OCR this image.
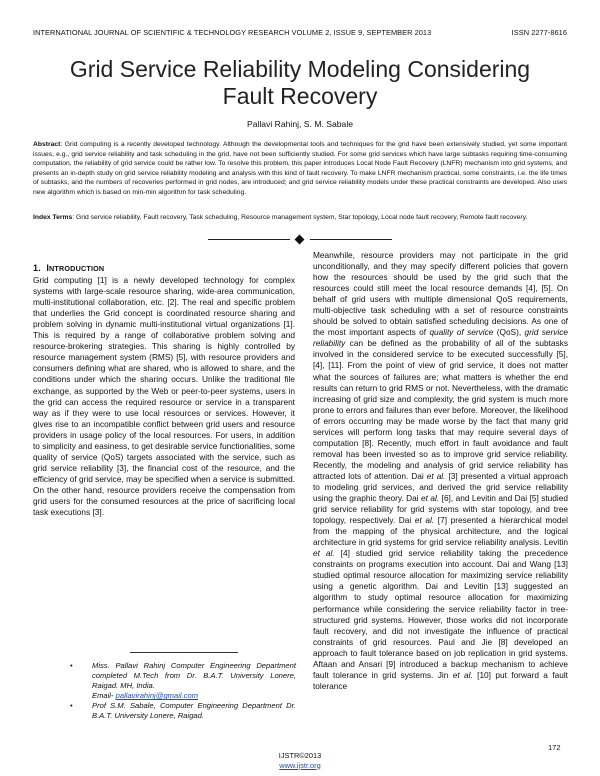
INTERNATIONAL JOURNAL OF SCIENTIFIC & TECHNOLOGY RESEARCH VOLUME 2, ISSUE 9, SEPTEMBER 2013	ISSN 2277-8616
Grid Service Reliability Modeling Considering
Fault Recovery
Pallavi Rahinj, S. M. Sabale
Abstract: Grid computing is a recently developed technology. Although the developmental tools and techniques for the grid have been extensively studied, yet some important issues, e.g., grid service reliability and task scheduling in the grid, have not been sufficiently studied. For some grid services which have large subtasks requiring time-consuming computation, the reliability of grid service could be rather low. To resolve this problem, this paper introduces Local Node Fault Recovery (LNFR) mechanism into grid systems, and presents an in-depth study on grid service reliability modeling and analysis with this kind of fault recovery. To make LNFR mechanism practical, some constraints, i.e. the life times of subtasks, and the numbers of recoveries performed in grid nodes, are introduced; and grid service reliability models under these practical constraints are developed. Also uses new algorithm which is based on min-min algorithm for task scheduling.
Index Terms: Grid service reliability, Fault recovery, Task scheduling, Resource management system, Star topology, Local node fault recovery, Remote fault recovery.
1. INTRODUCTION

Grid computing [1] is a newly developed technology for complex systems with large-scale resource sharing, wide-area communication, multi-institutional collaboration, etc. [2]. The real and specific problem that underlies the Grid concept is coordinated resource sharing and problem solving in dynamic multi-institutional virtual organizations [1]. This is required by a range of collaborative problem solving and resource-brokering strategies. This sharing is highly controlled by resource management system (RMS) [5], with resource providers and consumers defining what are shared, who is allowed to share, and the conditions under which the sharing occurs. Unlike the traditional file exchange, as supported by the Web or peer-to-peer systems, users in the grid can access the required resource or service in a transparent way as if they were to use local resources or services. However, it gives rise to an incompatible conflict between grid users and resource providers in usage policy of the local resources. For users, in addition to simplicity and easiness, to get desirable service functionalities, some quality of service (QoS) targets associated with the service, such as grid service reliability [3], the financial cost of the resource, and the efficiency of grid service, may be specified when a service is submitted. On the other hand, resource providers receive the compensation from grid users for the consumed resources at the price of sacrificing local task executions [3].

Meanwhile, resource providers may not participate in the grid unconditionally, and they may specify different policies that govern how the resources should be used by the grid such that the resources could still meet the local resource demands [4], [5]. On behalf of grid users with multiple dimensional QoS requirements, multi-objective task scheduling with a set of resource constraints should be solved to obtain satisfied scheduling decisions. As one of the most important aspects of quality of service (QoS), grid service reliability can be defined as the probability of all of the subtasks involved in the considered service to be executed successfully [5], [4], [11]. From the point of view of grid service, it does not matter what the sources of failures are; what matters is whether the end results can return to grid RMS or not. Nevertheless, with the dramatic increasing of grid size and complexity, the grid system is much more prone to errors and failures than ever before. Moreover, the likelihood of errors occurring may be made worse by the fact that many grid services will perform long tasks that may require several days of computation [8]. Recently, much effort in fault avoidance and fault removal has been invested so as to improve grid service reliability. Recently, the modeling and analysis of grid service reliability has attracted lots of attention. Dai et al. [3] presented a virtual approach to modeling grid services, and derived the grid service reliability using the graphic theory. Dai et al. [6], and Levitin and Dai [5] studied grid service reliability for grid systems with star topology, and tree topology, respectively. Dai et al. [7] presented a hierarchical model from the mapping of the physical architecture, and the logical architecture in grid systems for grid service reliability analysis. Levitin et al. [4] studied grid service reliability taking the precedence constraints on programs execution into account. Dai and Wang [13] studied optimal resource allocation for maximizing service reliability using a genetic algorithm. Dai and Levitin [13] suggested an algorithm to study optimal resource allocation for maximizing performance while considering the service reliability factor in tree-structured grid systems. However, those works did not incorporate fault recovery, and did not investigate the influence of practical constraints of grid resources. Paul and Jie [8] developed an approach to fault tolerance based on job replication in grid systems. Aftaan and Ansari [9] introduced a backup mechanism to achieve fault tolerance in grid systems. Jin et al. [10] put forward a fault tolerance

•	Miss. Pallavi Rahinj Computer Engineering Department completed M.Tech from Dr. B.A.T. University Lonere, Raigad. MH, India.
Email- pallavirahinj@gmail.com
•	Prof S.M. Sabale, Computer Engineering Department Dr. B.A.T. University Lonere, Raigad.
172
IJSTR©2013
www.ijstr.org
